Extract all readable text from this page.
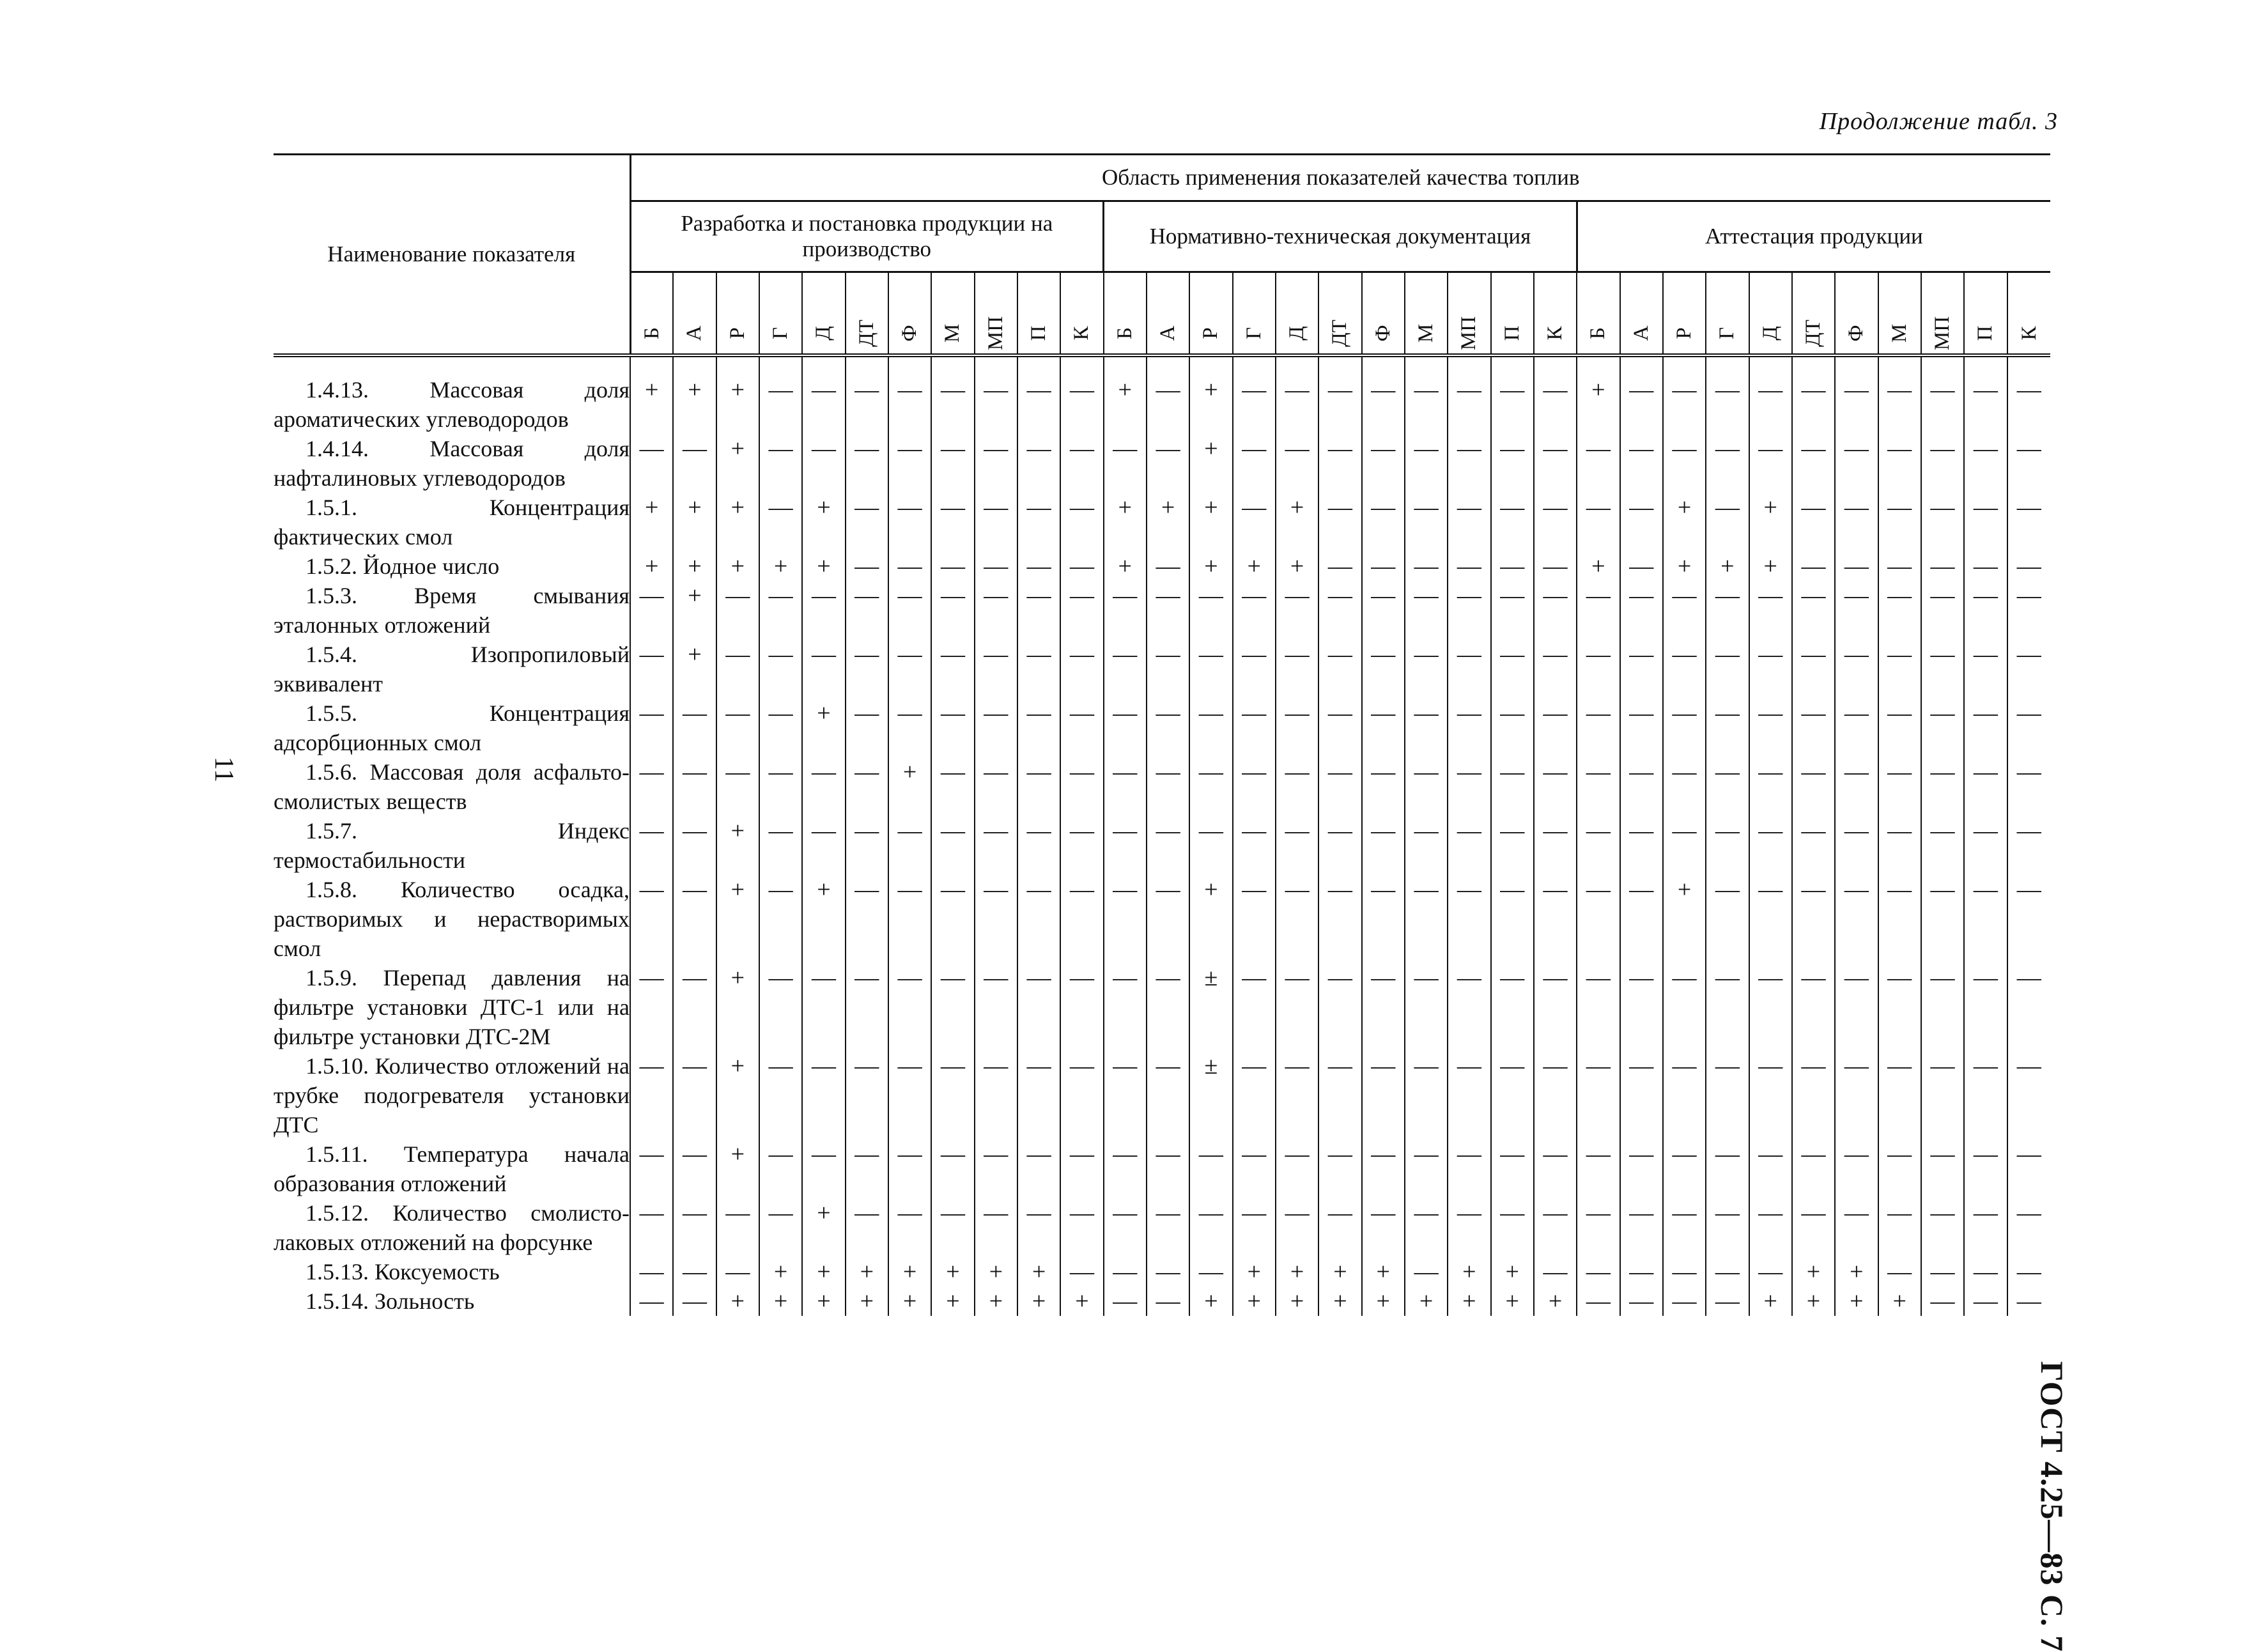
Продолжение табл. 3
11
ГОСТ 4.25—83 С. 7
Наименование показателя	Область применения показателей качества топлив																																
	Разработка и постановка продукции на производство											Нормативно-техническая документация											Аттестация продукции										

	Б	А	Р	Г	Д	ДТ	Ф	М	МП	П	К	Б	А	Р	Г	Д	ДТ	Ф	М	МП	П	К	Б	А	Р	Г	Д	ДТ	Ф	М	МП	П	К

1.4.13. Массовая доля ароматических углеводородов	+	+	+	—	—	—	—	—	—	—	—	+	—	+	—	—	—	—	—	—	—	—	+	—	—	—	—	—	—	—	—	—	—

1.4.14. Массовая доля нафталиновых углеводородов	—	—	+	—	—	—	—	—	—	—	—	—	—	+	—	—	—	—	—	—	—	—	—	—	—	—	—	—	—	—	—	—	—

1.5.1. Концентрация фактических смол	+	+	+	—	+	—	—	—	—	—	—	+	+	+	—	+	—	—	—	—	—	—	—	—	+	—	+	—	—	—	—	—	—

1.5.2. Йодное число	+	+	+	+	+	—	—	—	—	—	—	+	—	+	+	+	—	—	—	—	—	—	+	—	+	+	+	—	—	—	—	—	—

1.5.3. Время смывания эталонных отложений	—	+	—	—	—	—	—	—	—	—	—	—	—	—	—	—	—	—	—	—	—	—	—	—	—	—	—	—	—	—	—	—	—

1.5.4. Изопропиловый эквивалент	—	+	—	—	—	—	—	—	—	—	—	—	—	—	—	—	—	—	—	—	—	—	—	—	—	—	—	—	—	—	—	—	—

1.5.5. Концентрация адсорбционных смол	—	—	—	—	+	—	—	—	—	—	—	—	—	—	—	—	—	—	—	—	—	—	—	—	—	—	—	—	—	—	—	—	—

1.5.6. Массовая доля асфальто-смолистых веществ	—	—	—	—	—	—	+	—	—	—	—	—	—	—	—	—	—	—	—	—	—	—	—	—	—	—	—	—	—	—	—	—	—

1.5.7. Индекс термостабильности	—	—	+	—	—	—	—	—	—	—	—	—	—	—	—	—	—	—	—	—	—	—	—	—	—	—	—	—	—	—	—	—	—

1.5.8. Количество осадка, растворимых и нерастворимых смол	—	—	+	—	+	—	—	—	—	—	—	—	—	+	—	—	—	—	—	—	—	—	—	—	+	—	—	—	—	—	—	—	—

1.5.9. Перепад давления на фильтре установки ДТС-1 или на фильтре установки ДТС-2М	—	—	+	—	—	—	—	—	—	—	—	—	—	±	—	—	—	—	—	—	—	—	—	—	—	—	—	—	—	—	—	—	—

1.5.10. Количество отложений на трубке подогревателя установки ДТС	—	—	+	—	—	—	—	—	—	—	—	—	—	±	—	—	—	—	—	—	—	—	—	—	—	—	—	—	—	—	—	—	—

1.5.11. Температура начала образования отложений	—	—	+	—	—	—	—	—	—	—	—	—	—	—	—	—	—	—	—	—	—	—	—	—	—	—	—	—	—	—	—	—	—

1.5.12. Количество смолисто-лаковых отложений на форсунке	—	—	—	—	+	—	—	—	—	—	—	—	—	—	—	—	—	—	—	—	—	—	—	—	—	—	—	—	—	—	—	—	—

1.5.13. Коксуемость	—	—	—	+	+	+	+	+	+	+	—	—	—	—	+	+	+	+	—	+	+	—	—	—	—	—	—	+	+	—	—	—	—

1.5.14. Зольность	—	—	+	+	+	+	+	+	+	+	+	—	—	+	+	+	+	+	+	+	+	+	—	—	—	—	+	+	+	+	—	—	—
